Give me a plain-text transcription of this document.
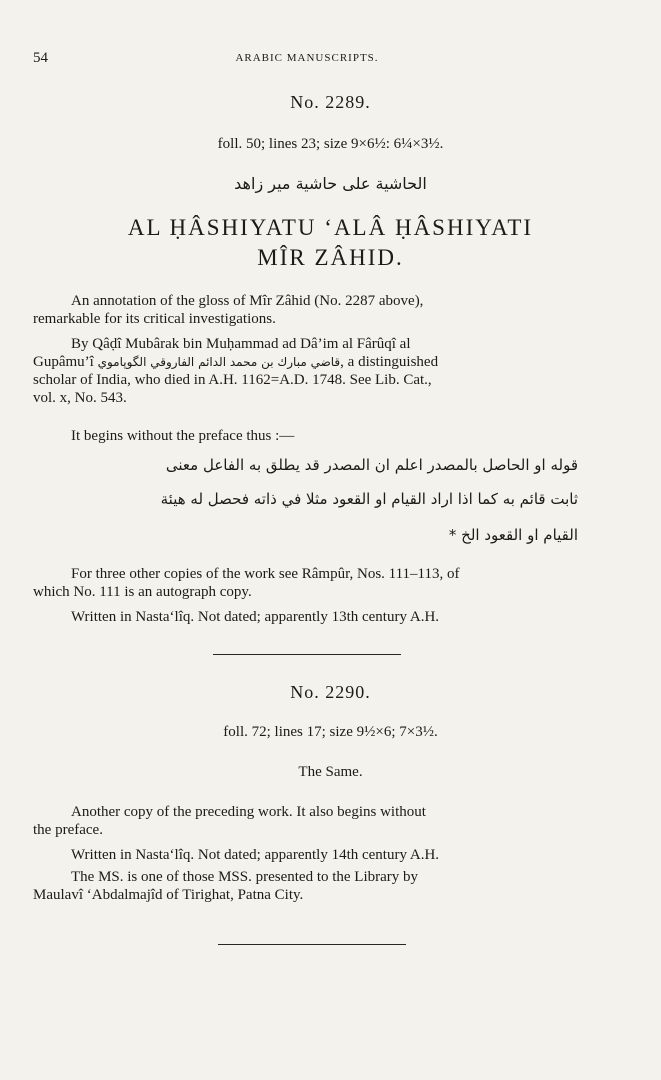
54	ARABIC MANUSCRIPTS.
No. 2289.
foll. 50; lines 23; size 9×6½: 6¼×3½.
الحاشية على حاشية مير زاهد
AL ḤÂSHIYATU ‘ALÂ ḤÂSHIYATI
MÎR ZÂHID.

An annotation of the gloss of Mîr Zâhid (No. 2287 above),

remarkable for its critical investigations.

By Qâḍî Mubârak bin Muḥammad ad Dâ’im al Fârûqî al

Gupâmu’î قاضي مبارك بن محمد الدائم الفاروقي الگوپاموي, a distinguished

scholar of India, who died in A.H. 1162=A.D. 1748. See Lib. Cat.,

vol. x, No. 543.

It begins without the preface thus :—

قوله او الحاصل بالمصدر اعلم ان المصدر قد يطلق به الفاعل معنى
ثابت قائم به كما اذا اراد القيام او القعود مثلا في ذاته فحصل له هيئة
القيام او القعود الخ *

For three other copies of the work see Râmpûr, Nos. 111–113, of

which No. 111 is an autograph copy.

Written in Nasta‘lîq. Not dated; apparently 13th century A.H.

No. 2290.
foll. 72; lines 17; size 9½×6; 7×3½.
The Same.

Another copy of the preceding work. It also begins without

the preface.

Written in Nasta‘lîq. Not dated; apparently 14th century A.H.

The MS. is one of those MSS. presented to the Library by

Maulavî ‘Abdalmajîd of Tirighat, Patna City.
